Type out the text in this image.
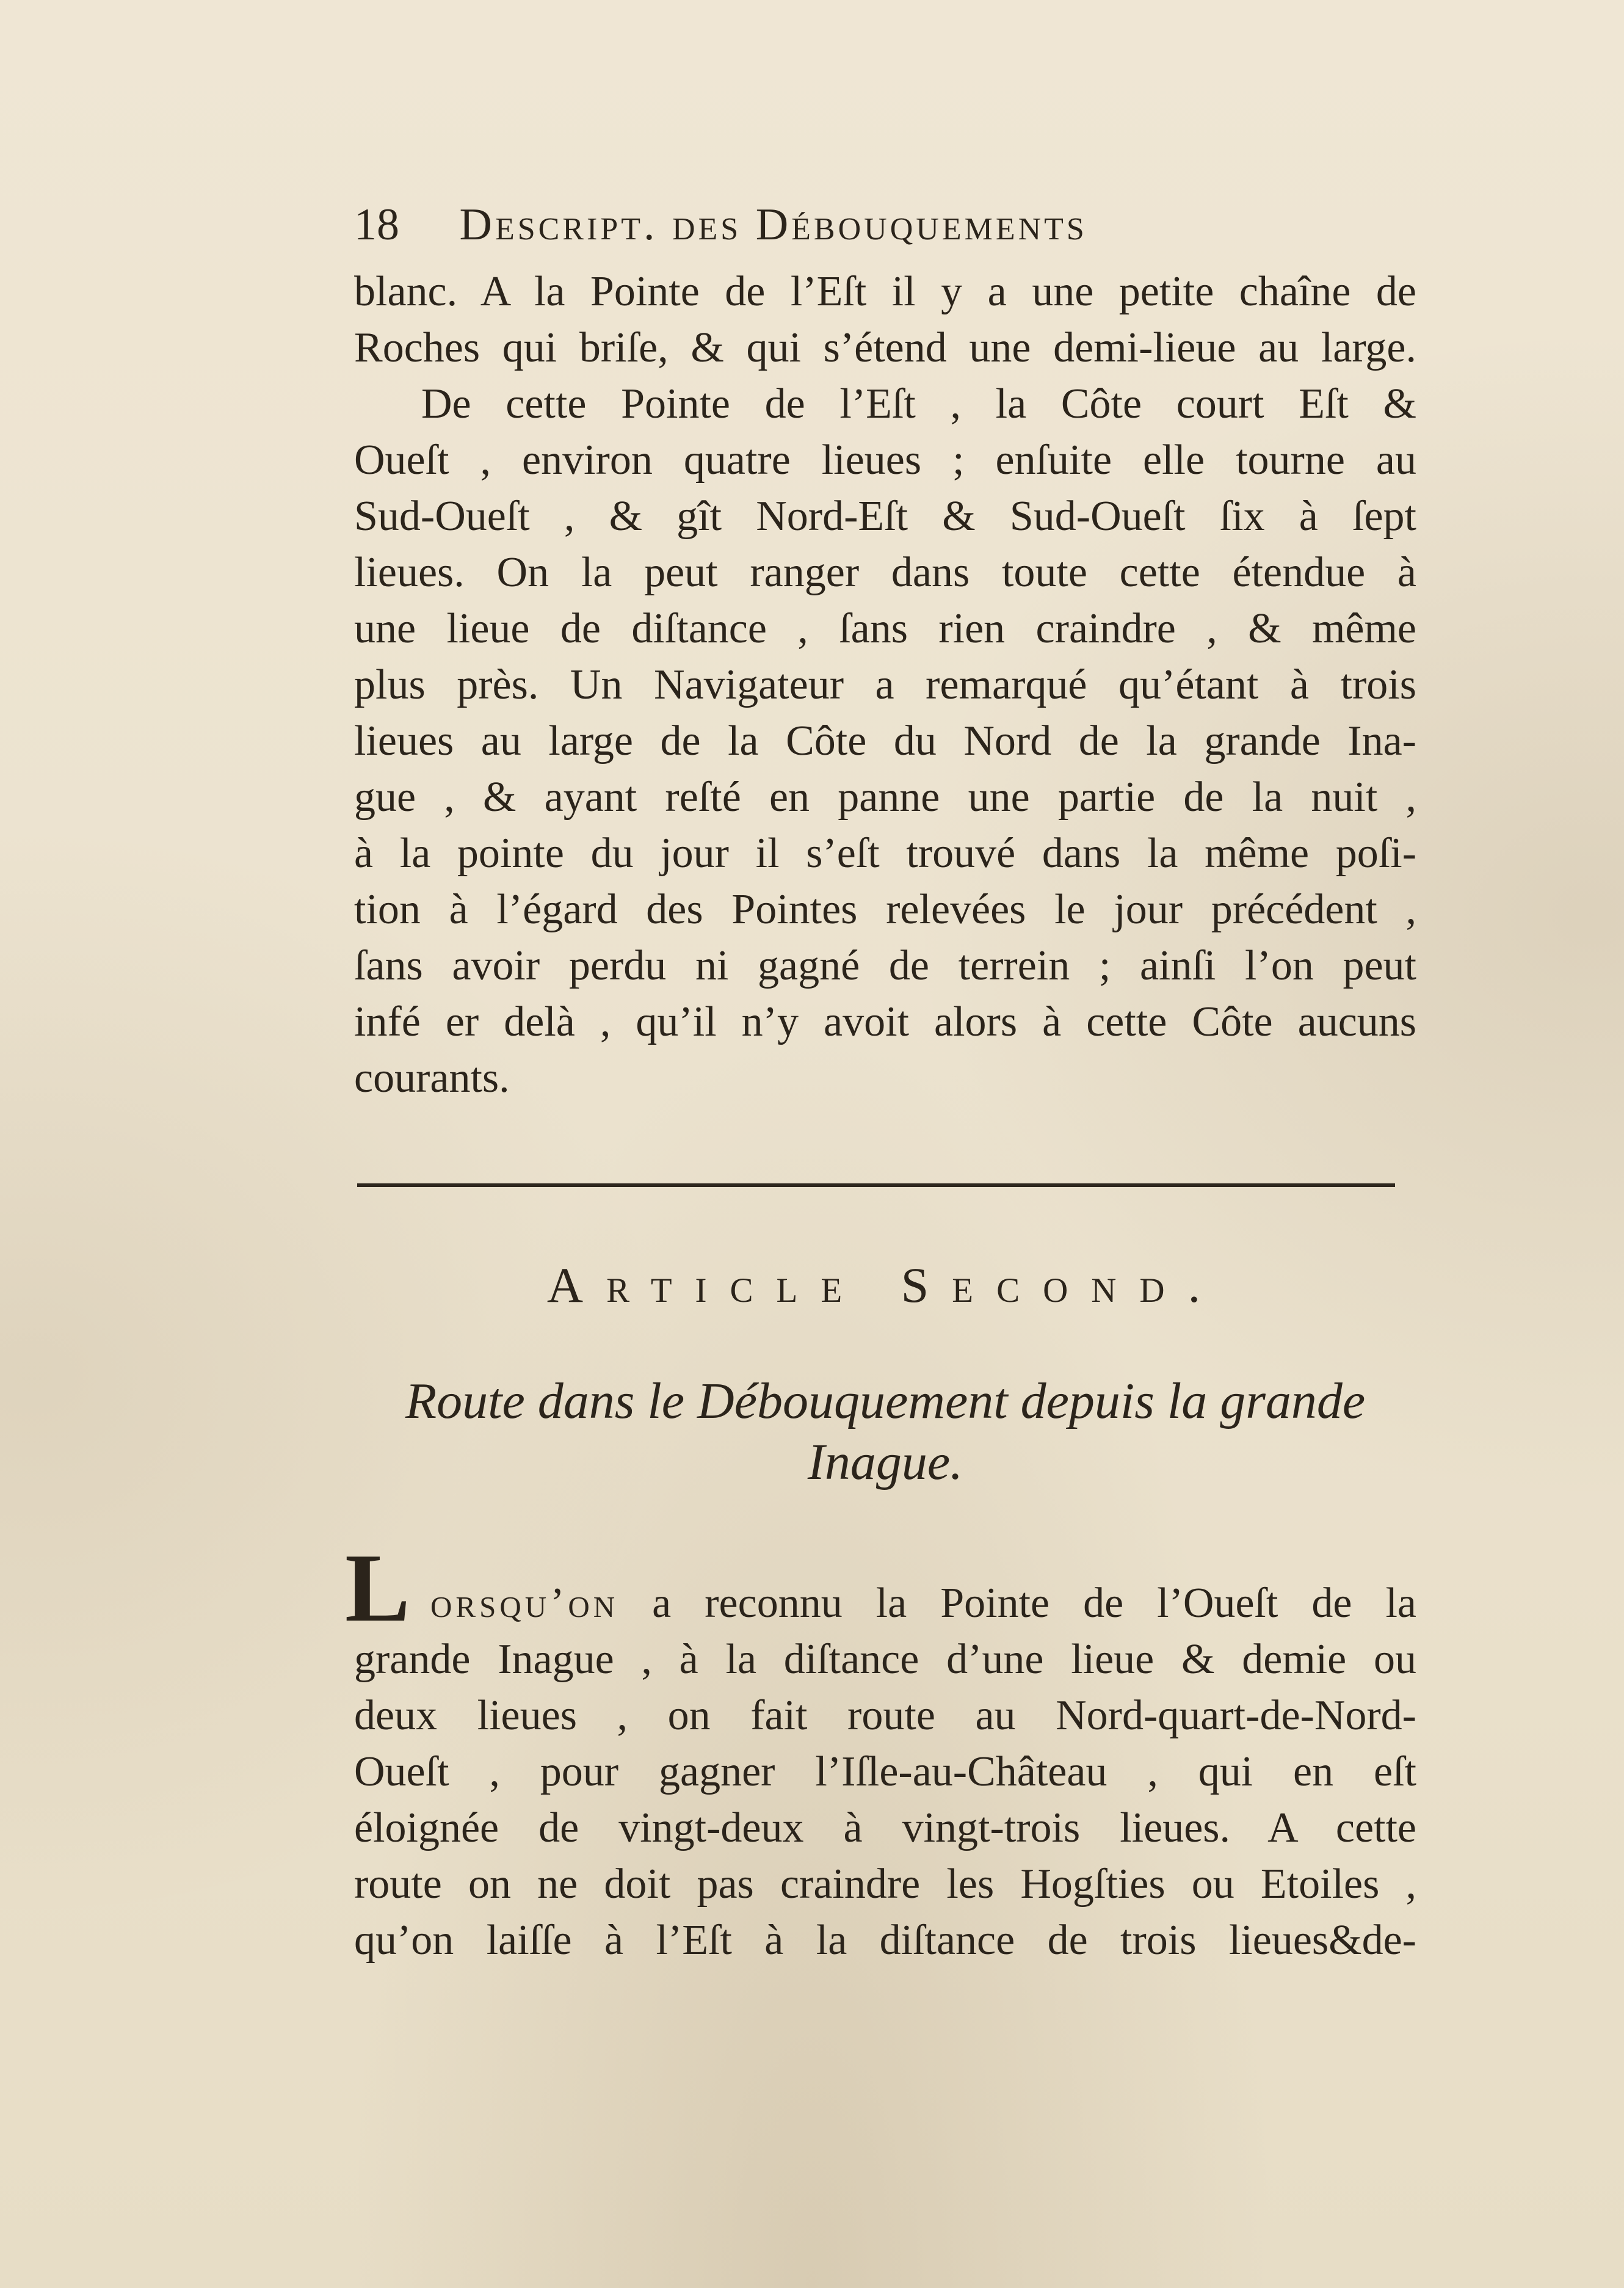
18 Descript. des Débouquements
blanc. A la Pointe de l’Eſt il y a une petite chaîne de
Roches qui briſe, & qui s’étend une demi-lieue au large.
De cette Pointe de l’Eſt , la Côte court Eſt &
Oueſt , environ quatre lieues ; enſuite elle tourne au
Sud-Oueſt , & gît Nord-Eſt & Sud-Oueſt ſix à ſept
lieues. On la peut ranger dans toute cette étendue à
une lieue de diſtance , ſans rien craindre , & même
plus près. Un Navigateur a remarqué qu’étant à trois
lieues au large de la Côte du Nord de la grande Ina-
gue , & ayant reſté en panne une partie de la nuit ,
à la pointe du jour il s’eſt trouvé dans la même poſi-
tion à l’égard des Pointes relevées le jour précédent ,
ſans avoir perdu ni gagné de terrein ; ainſi l’on peut
infé er delà , qu’il n’y avoit alors à cette Côte aucuns
courants.
Article Second.
Route dans le Débouquement depuis la grande
Inague.
L orsqu’on a reconnu la Pointe de l’Oueſt de la
grande Inague , à la diſtance d’une lieue & demie ou
deux lieues , on fait route au Nord-quart-de-Nord-
Oueſt , pour gagner l’Iſle-au-Château , qui en eſt
éloignée de vingt-deux à vingt-trois lieues. A cette
route on ne doit pas craindre les Hogſties ou Etoiles ,
qu’on laiſſe à l’Eſt à la diſtance de trois lieues&de-
